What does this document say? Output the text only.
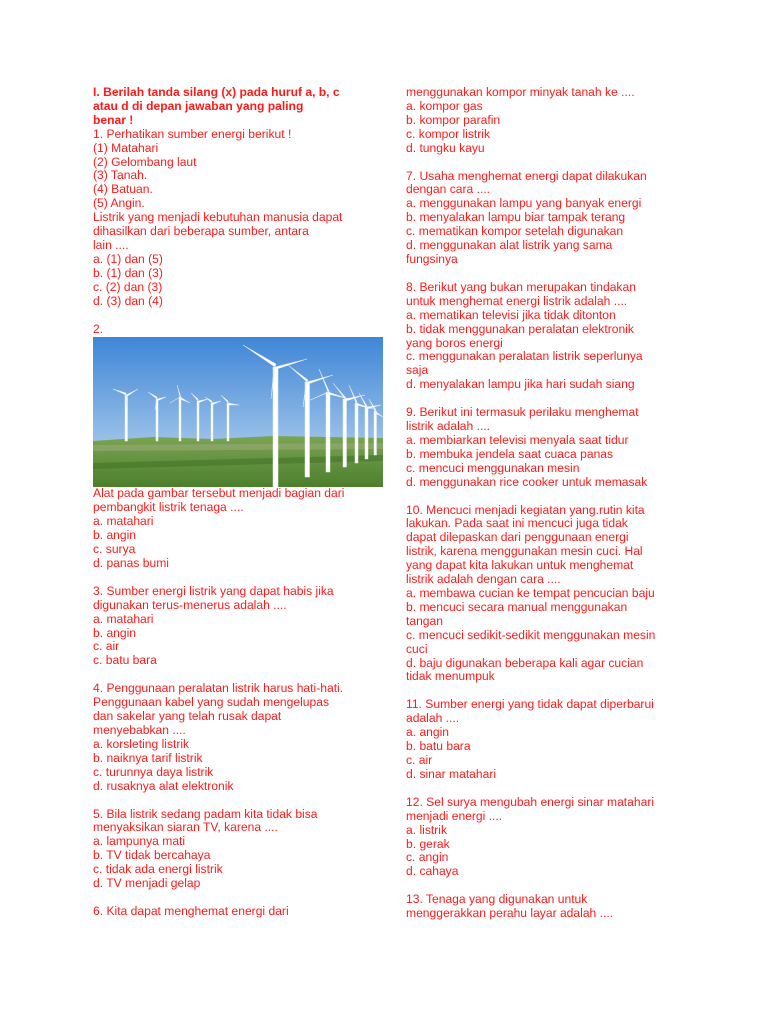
I. Berilah tanda silang (x) pada huruf a, b, c
atau d di depan jawaban yang paling
benar !
1. Perhatikan sumber energi berikut !
(1) Matahari
(2) Gelombang laut
(3) Tanah.
(4) Batuan.
(5) Angin.
Listrik yang menjadi kebutuhan manusia dapat
dihasilkan dari beberapa sumber, antara
lain ....
a. (1) dan (5)
b. (1) dan (3)
c. (2) dan (3)
d. (3) dan (4)
2.
Alat pada gambar tersebut menjadi bagian dari
pembangkit listrik tenaga ....
a. matahari
b. angin
c. surya
d. panas bumi
3. Sumber energi listrik yang dapat habis jika
digunakan terus-menerus adalah ....
a. matahari
b. angin
c. air
c. batu bara
4. Penggunaan peralatan listrik harus hati-hati.
Penggunaan kabel yang sudah mengelupas
dan sakelar yang telah rusak dapat
menyebabkan ....
a. korsleting listrik
b. naiknya tarif listrik
c. turunnya daya listrik
d. rusaknya alat elektronik
5. Bila listrik sedang padam kita tidak bisa
menyaksikan siaran TV, karena ....
a. lampunya mati
b. TV tidak bercahaya
c. tidak ada energi listrik
d. TV menjadi gelap
6. Kita dapat menghemat energi dari
menggunakan kompor minyak tanah ke ....
a. kompor gas
b. kompor parafin
c. kompor listrik
d. tungku kayu
7. Usaha menghemat energi dapat dilakukan
dengan cara ....
a. menggunakan lampu yang banyak energi
b. menyalakan lampu biar tampak terang
c. mematikan kompor setelah digunakan
d. menggunakan alat listrik yang sama
fungsinya
8. Berikut yang bukan merupakan tindakan
untuk menghemat energi listrik adalah ....
a. mematikan televisi jika tidak ditonton
b. tidak menggunakan peralatan elektronik
yang boros energi
c. menggunakan peralatan listrik seperlunya
saja
d. menyalakan lampu jika hari sudah siang
9. Berikut ini termasuk perilaku menghemat
listrik adalah ....
a. membiarkan televisi menyala saat tidur
b. membuka jendela saat cuaca panas
c. mencuci menggunakan mesin
d. menggunakan rice cooker untuk memasak
10. Mencuci menjadi kegiatan yang.rutin kita
lakukan. Pada saat ini mencuci juga tidak
dapat dilepaskan dari penggunaan energi
listrik, karena menggunakan mesin cuci. Hal
yang dapat kita lakukan untuk menghemat
listrik adalah dengan cara ....
a. membawa cucian ke tempat pencucian baju
b. mencuci secara manual menggunakan
tangan
c. mencuci sedikit-sedikit menggunakan mesin
cuci
d. baju digunakan beberapa kali agar cucian
tidak menumpuk
11. Sumber energi yang tidak dapat diperbarui
adalah ....
a. angin
b. batu bara
c. air
d. sinar matahari
12. Sel surya mengubah energi sinar matahari
menjadi energi ....
a. listrik
b. gerak
c. angin
d. cahaya
13. Tenaga yang digunakan untuk
menggerakkan perahu layar adalah ....
